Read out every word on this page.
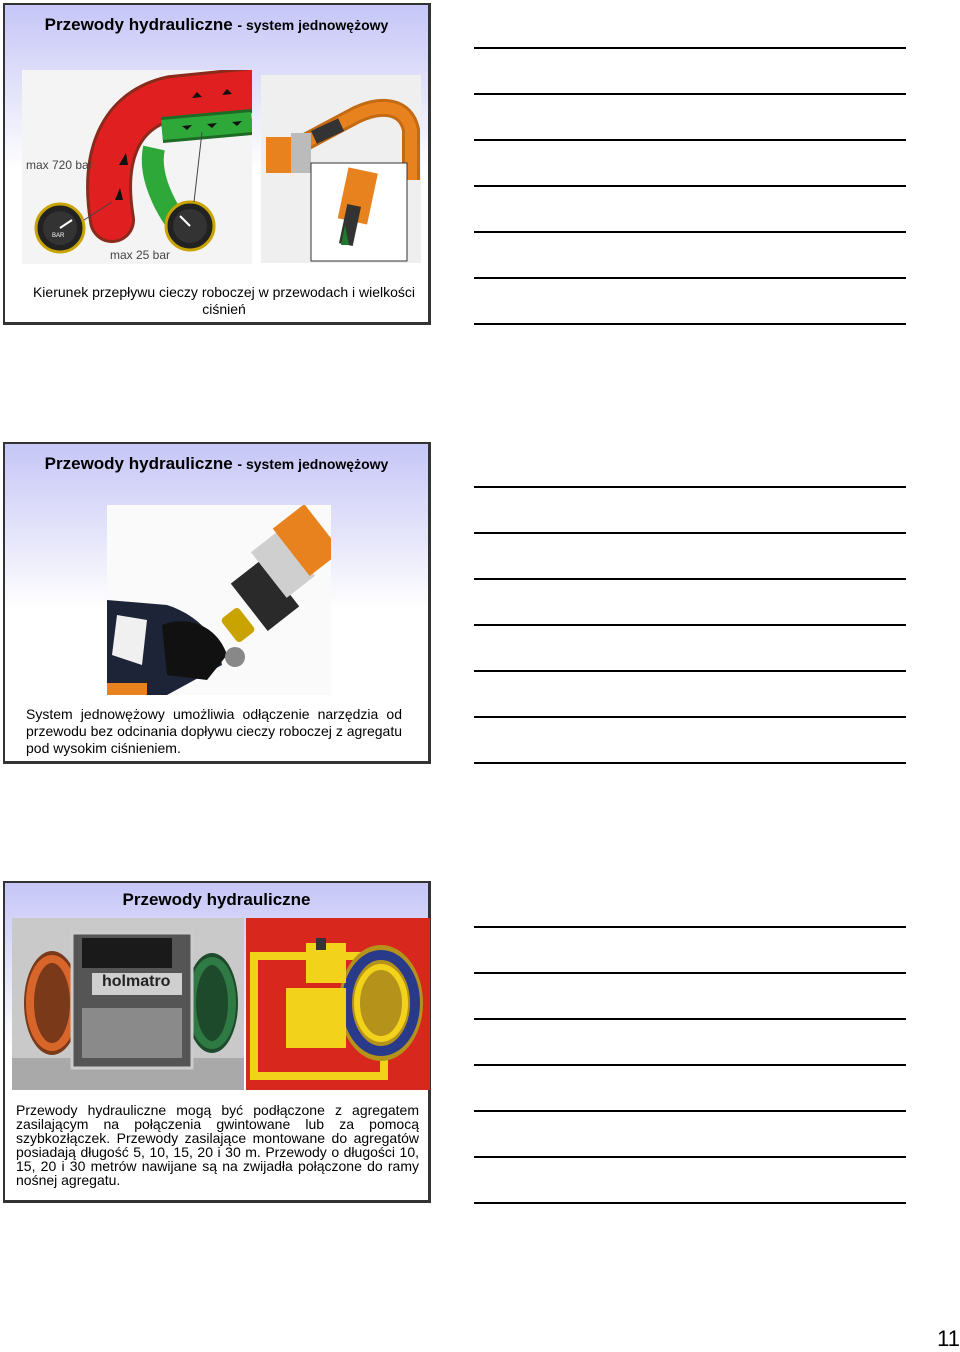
Przewody hydrauliczne - system jednowężowy
max 720 bar
max 25 bar
BAR
Kierunek przepływu cieczy roboczej w przewodach i wielkości ciśnień
Przewody hydrauliczne - system jednowężowy
System jednowężowy umożliwia odłączenie narzędzia od przewodu bez odcinania dopływu cieczy roboczej z agregatu pod wysokim ciśnieniem.
Przewody hydrauliczne
holmatro
Przewody hydrauliczne mogą być podłączone z agregatem zasilającym na połączenia gwintowane lub za pomocą szybkozłączek. Przewody zasilające montowane do agregatów posiadają długość 5, 10, 15, 20 i 30 m. Przewody o długości 10, 15, 20 i 30 metrów nawijane są na zwijadła połączone do ramy nośnej agregatu.
11
